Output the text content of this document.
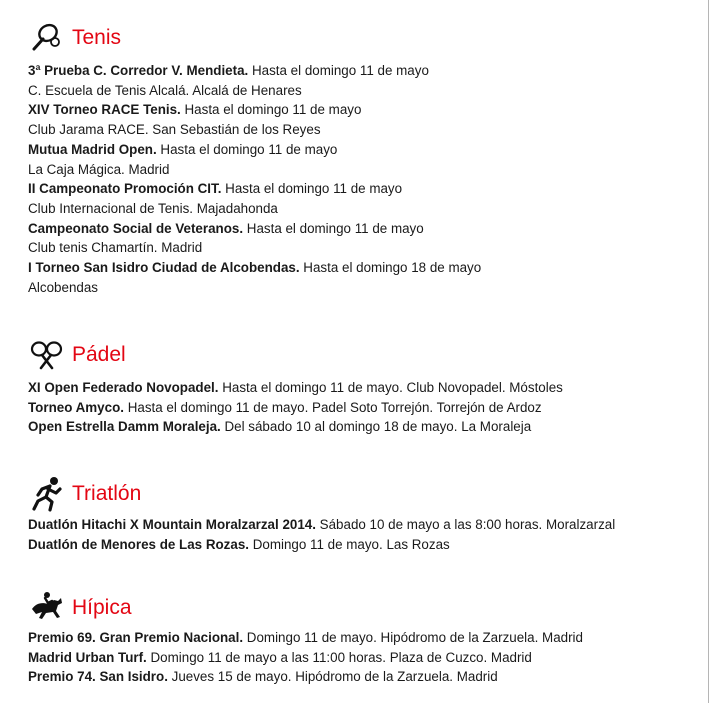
Tenis
3ª Prueba C. Corredor V. Mendieta. Hasta el domingo 11 de mayo
C. Escuela de Tenis Alcalá. Alcalá de Henares
XIV Torneo RACE Tenis. Hasta el domingo 11 de mayo
Club Jarama RACE. San Sebastián de los Reyes
Mutua Madrid Open. Hasta el domingo 11 de mayo
La Caja Mágica. Madrid
II Campeonato Promoción CIT. Hasta el domingo 11 de mayo
Club Internacional de Tenis. Majadahonda
Campeonato Social de Veteranos. Hasta el domingo 11 de mayo
Club tenis Chamartín. Madrid
I Torneo San Isidro Ciudad de Alcobendas. Hasta el domingo 18 de mayo
Alcobendas
Pádel
XI Open Federado Novopadel. Hasta el domingo 11 de mayo. Club Novopadel. Móstoles
Torneo Amyco. Hasta el domingo 11 de mayo. Padel Soto Torrejón. Torrejón de Ardoz
Open Estrella Damm Moraleja. Del sábado 10 al domingo 18 de mayo. La Moraleja
Triatlón
Duatlón Hitachi X Mountain Moralzarzal 2014. Sábado 10 de mayo a las 8:00 horas. Moralzarzal
Duatlón de Menores de Las Rozas. Domingo 11 de mayo. Las Rozas
Hípica
Premio 69. Gran Premio Nacional. Domingo 11 de mayo. Hipódromo de la Zarzuela. Madrid
Madrid Urban Turf. Domingo 11 de mayo a las 11:00 horas. Plaza de Cuzco. Madrid
Premio 74. San Isidro. Jueves 15 de mayo. Hipódromo de la Zarzuela. Madrid
